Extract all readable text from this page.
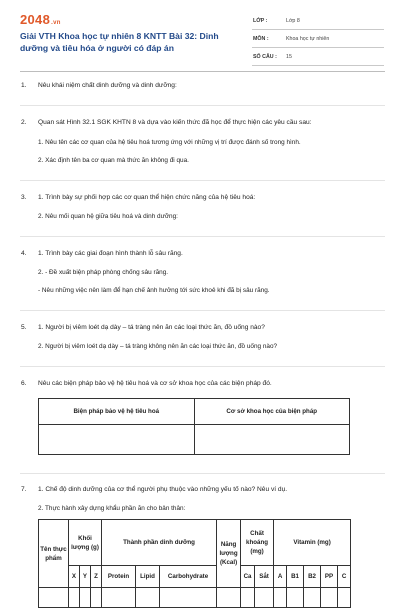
2048.vn
Giải VTH Khoa học tự nhiên 8 KNTT Bài 32: Dinh dưỡng và tiêu hóa ở người có đáp án
LỚP :	Lớp 8
MÔN :	Khoa học tự nhiên
SỐ CÂU : 15
1. Nêu khái niệm chất dinh dưỡng và dinh dưỡng:

2. Quan sát Hình 32.1 SGK KHTN 8 và dựa vào kiến thức đã học để thực hiện các yêu cầu sau:

1. Nêu tên các cơ quan của hệ tiêu hoá tương ứng với những vị trí được đánh số trong hình.

2. Xác định tên ba cơ quan mà thức ăn không đi qua.

3. 1. Trình bày sự phối hợp các cơ quan thể hiện chức năng của hệ tiêu hoá:

2. Nêu mối quan hệ giữa tiêu hoá và dinh dưỡng:

4. 1. Trình bày các giai đoạn hình thành lỗ sâu răng.

2. - Đề xuất biện pháp phòng chống sâu răng.

- Nêu những việc nên làm để hạn chế ảnh hưởng tới sức khoẻ khi đã bị sâu răng.

5. 1. Người bị viêm loét dạ dày – tá tràng nên ăn các loại thức ăn, đồ uống nào?

2. Người bị viêm loét dạ dày – tá tràng không nên ăn các loại thức ăn, đồ uống nào?

6. Nêu các biện pháp bảo vệ hệ tiêu hoá và cơ sở khoa học của các biện pháp đó.

Biện pháp bảo vệ hệ tiêu hoá	Cơ sở khoa học của biện pháp

7. 1. Chế độ dinh dưỡng của cơ thể người phụ thuộc vào những yếu tố nào? Nêu ví dụ.

2. Thực hành xây dựng khẩu phần ăn cho bản thân:

Tên thực phẩm	Khối lượng (g)			Thành phần dinh dưỡng			Năng lượng (Kcal)	Chất khoáng (mg)		Vitamin (mg)				
	X	Y	Z	Protein	Lipid	Carbohydrate		Ca	Sắt	A	B1	B2	PP	C
